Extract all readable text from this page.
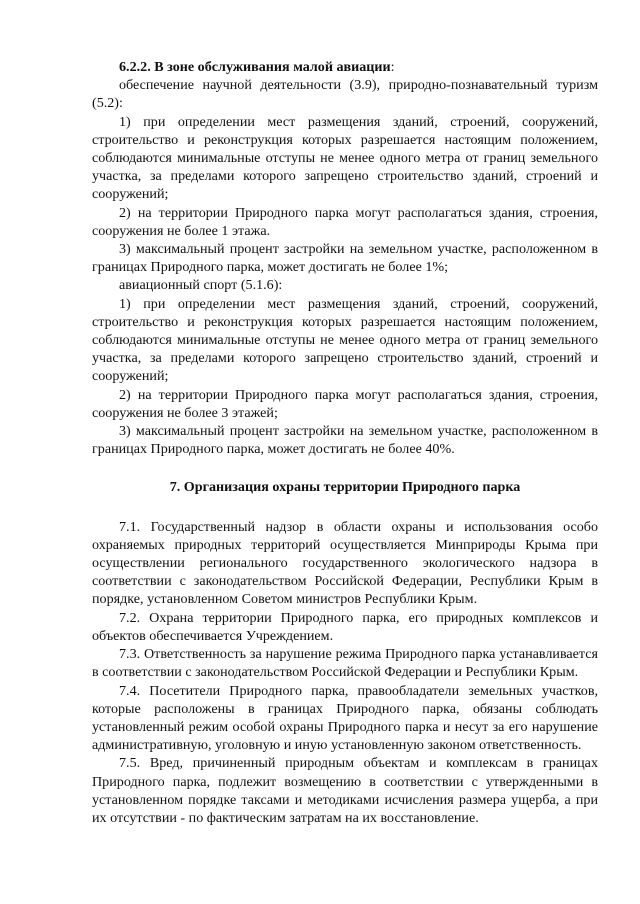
6.2.2. В зоне обслуживания малой авиации:

обеспечение научной деятельности (3.9), природно-познавательный туризм (5.2):

1) при определении мест размещения зданий, строений, сооружений, строительство и реконструкция которых разрешается настоящим положением, соблюдаются минимальные отступы не менее одного метра от границ земельного участка, за пределами которого запрещено строительство зданий, строений и сооружений;

2) на территории Природного парка могут располагаться здания, строения, сооружения не более 1 этажа.

3) максимальный процент застройки на земельном участке, расположенном в границах Природного парка, может достигать не более 1%;

авиационный спорт (5.1.6):

1) при определении мест размещения зданий, строений, сооружений, строительство и реконструкция которых разрешается настоящим положением, соблюдаются минимальные отступы не менее одного метра от границ земельного участка, за пределами которого запрещено строительство зданий, строений и сооружений;

2) на территории Природного парка могут располагаться здания, строения, сооружения не более 3 этажей;

3) максимальный процент застройки на земельном участке, расположенном в границах Природного парка, может достигать не более 40%.

7. Организация охраны территории Природного парка

7.1. Государственный надзор в области охраны и использования особо охраняемых природных территорий осуществляется Минприроды Крыма при осуществлении регионального государственного экологического надзора в соответствии с законодательством Российской Федерации, Республики Крым в порядке, установленном Советом министров Республики Крым.

7.2. Охрана территории Природного парка, его природных комплексов и объектов обеспечивается Учреждением.

7.3. Ответственность за нарушение режима Природного парка устанавливается в соответствии с законодательством Российской Федерации и Республики Крым.

7.4. Посетители Природного парка, правообладатели земельных участков, которые расположены в границах Природного парка, обязаны соблюдать установленный режим особой охраны Природного парка и несут за его нарушение административную, уголовную и иную установленную законом ответственность.

7.5. Вред, причиненный природным объектам и комплексам в границах Природного парка, подлежит возмещению в соответствии с утвержденными в установленном порядке таксами и методиками исчисления размера ущерба, а при их отсутствии - по фактическим затратам на их восстановление.
